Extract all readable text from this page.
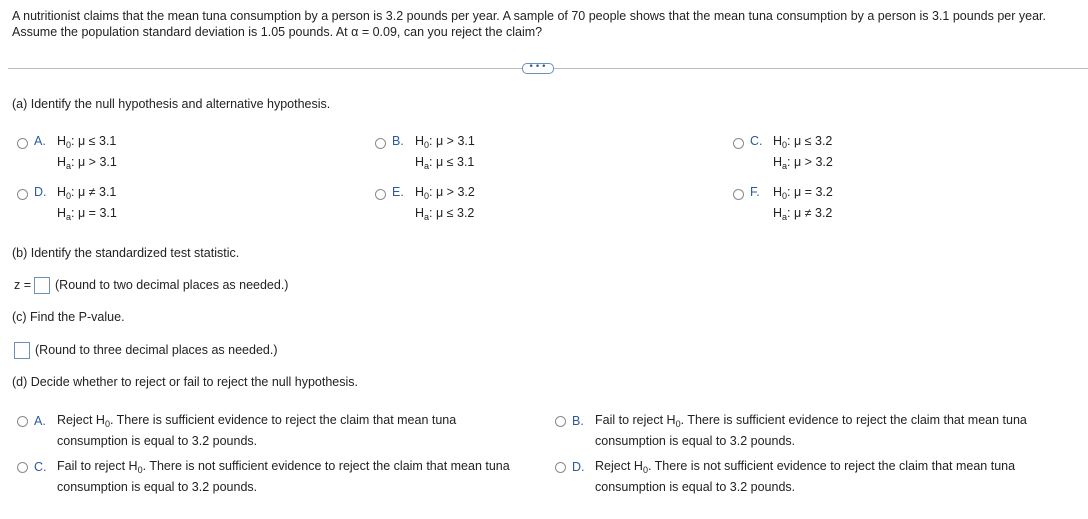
A nutritionist claims that the mean tuna consumption by a person is 3.2 pounds per year. A sample of 70 people shows that the mean tuna consumption by a person is 3.1 pounds per year. Assume the population standard deviation is 1.05 pounds. At α = 0.09, can you reject the claim?
•••
(a) Identify the null hypothesis and alternative hypothesis.
A. $H_0$: μ ≤ 3.1
$H_a$: μ > 3.1
B. $H_0$: μ > 3.1
$H_a$: μ ≤ 3.1
C. $H_0$: μ ≤ 3.2
$H_a$: μ > 3.2
D. $H_0$: μ ≠ 3.1
$H_a$: μ = 3.1
E. $H_0$: μ > 3.2
$H_a$: μ ≤ 3.2
F. $H_0$: μ = 3.2
$H_a$: μ ≠ 3.2
(b) Identify the standardized test statistic.
z = (Round to two decimal places as needed.)
(c) Find the P-value.
(Round to three decimal places as needed.)
(d) Decide whether to reject or fail to reject the null hypothesis.
A. Reject $H_0$. There is sufficient evidence to reject the claim that mean tuna
consumption is equal to 3.2 pounds.
B. Fail to reject $H_0$. There is sufficient evidence to reject the claim that mean tuna
consumption is equal to 3.2 pounds.
C. Fail to reject $H_0$. There is not sufficient evidence to reject the claim that mean tuna
consumption is equal to 3.2 pounds.
D. Reject $H_0$. There is not sufficient evidence to reject the claim that mean tuna
consumption is equal to 3.2 pounds.
